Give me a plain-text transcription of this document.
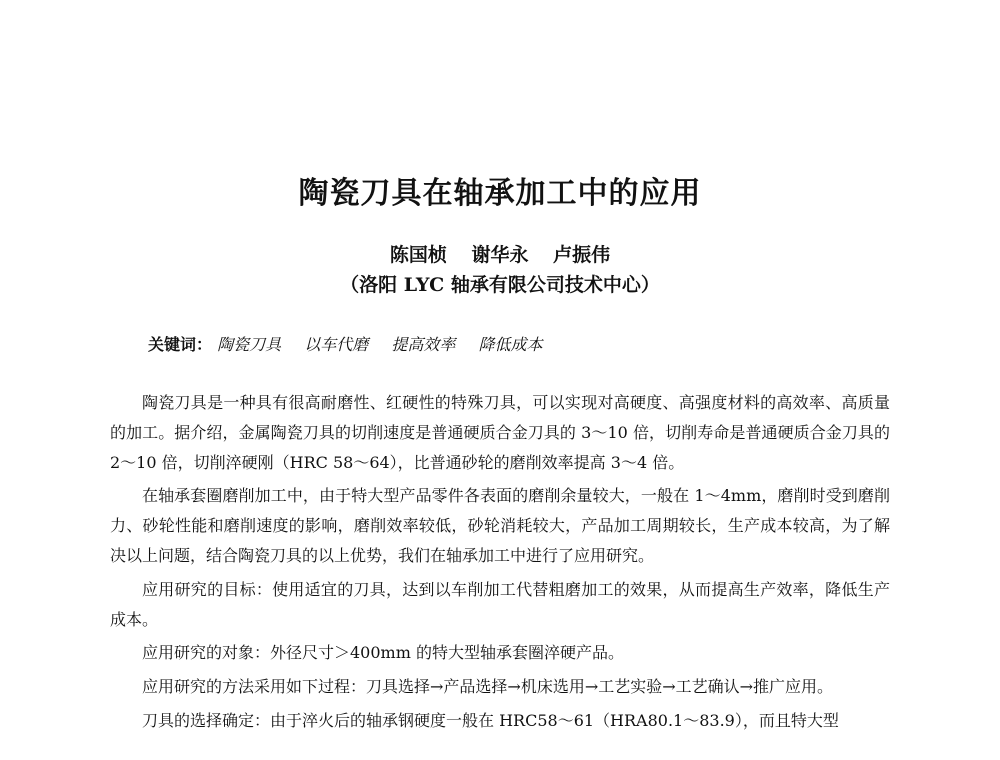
陶瓷刀具在轴承加工中的应用
陈国桢 谢华永 卢振伟
（洛阳 LYC 轴承有限公司技术中心）
关键词： 陶瓷刀具 以车代磨 提高效率 降低成本

陶瓷刀具是一种具有很高耐磨性、红硬性的特殊刀具，可以实现对高硬度、高强度材料的高效率、高质量的加工。据介绍，金属陶瓷刀具的切削速度是普通硬质合金刀具的 3～10 倍，切削寿命是普通硬质合金刀具的 2～10 倍，切削淬硬刚（HRC 58～64），比普通砂轮的磨削效率提高 3～4 倍。

在轴承套圈磨削加工中，由于特大型产品零件各表面的磨削余量较大，一般在 1～4mm，磨削时受到磨削力、砂轮性能和磨削速度的影响，磨削效率较低，砂轮消耗较大，产品加工周期较长，生产成本较高，为了解决以上问题，结合陶瓷刀具的以上优势，我们在轴承加工中进行了应用研究。

应用研究的目标：使用适宜的刀具，达到以车削加工代替粗磨加工的效果，从而提高生产效率，降低生产成本。

应用研究的对象：外径尺寸＞400mm 的特大型轴承套圈淬硬产品。

应用研究的方法采用如下过程：刀具选择→产品选择→机床选用→工艺实验→工艺确认→推广应用。

刀具的选择确定：由于淬火后的轴承钢硬度一般在 HRC58～61（HRA80.1～83.9），而且特大型
